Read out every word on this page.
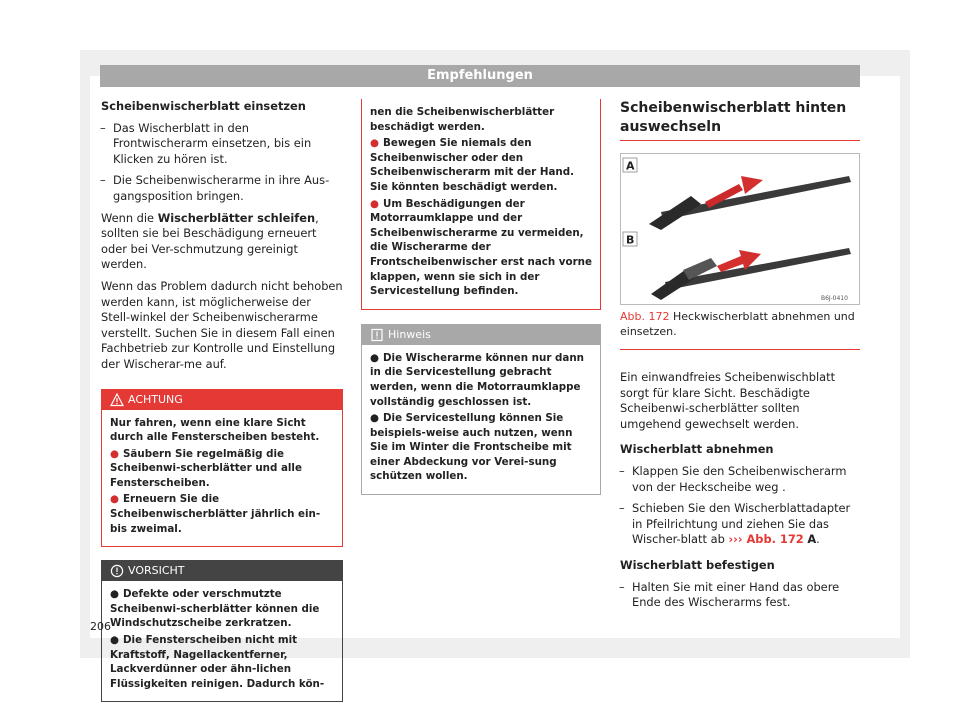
Empfehlungen

Scheibenwischerblatt einsetzen

– Das Wischerblatt in den Frontwischerarm einsetzen, bis ein Klicken zu hören ist.
– Die Scheibenwischerarme in ihre Aus-gangsposition bringen.

Wenn die Wischerblätter schleifen, sollten sie bei Beschädigung erneuert oder bei Ver-schmutzung gereinigt werden.

Wenn das Problem dadurch nicht behoben werden kann, ist möglicherweise der Stell-winkel der Scheibenwischerarme verstellt. Suchen Sie in diesem Fall einen Fachbetrieb zur Kontrolle und Einstellung der Wischerar-me auf.

ACHTUNG
Nur fahren, wenn eine klare Sicht durch alle Fensterscheiben besteht.
● Säubern Sie regelmäßig die Scheibenwi-scherblätter und alle Fensterscheiben.
● Erneuern Sie die Scheibenwischerblätter jährlich ein- bis zweimal.
VORSICHT
● Defekte oder verschmutzte Scheibenwi-scherblätter können die Windschutzscheibe zerkratzen.
● Die Fensterscheiben nicht mit Kraftstoff, Nagellackentferner, Lackverdünner oder ähn-lichen Flüssigkeiten reinigen. Dadurch kön-
nen die Scheibenwischerblätter beschädigt werden.
● Bewegen Sie niemals den Scheibenwischer oder den Scheibenwischerarm mit der Hand. Sie könnten beschädigt werden.
● Um Beschädigungen der Motorraumklappe und der Scheibenwischerarme zu vermeiden, die Wischerarme der Frontscheibenwischer erst nach vorne klappen, wenn sie sich in der Servicestellung befinden.
Hinweis
● Die Wischerarme können nur dann in die Servicestellung gebracht werden, wenn die Motorraumklappe vollständig geschlossen ist.
● Die Servicestellung können Sie beispiels-weise auch nutzen, wenn Sie im Winter die Frontscheibe mit einer Abdeckung vor Verei-sung schützen wollen.
Scheibenwischerblatt hinten auswechseln
A
B
B6J-0410
Abb. 172 Heckwischerblatt abnehmen und einsetzen.

Ein einwandfreies Scheibenwischblatt sorgt für klare Sicht. Beschädigte Scheibenwi-scherblätter sollten umgehend gewechselt werden.

Wischerblatt abnehmen

– Klappen Sie den Scheibenwischerarm von der Heckscheibe weg .
– Schieben Sie den Wischerblattadapter in Pfeilrichtung und ziehen Sie das Wischer-blatt ab ››› Abb. 172 A.

Wischerblatt befestigen

– Halten Sie mit einer Hand das obere Ende des Wischerarms fest.
206
